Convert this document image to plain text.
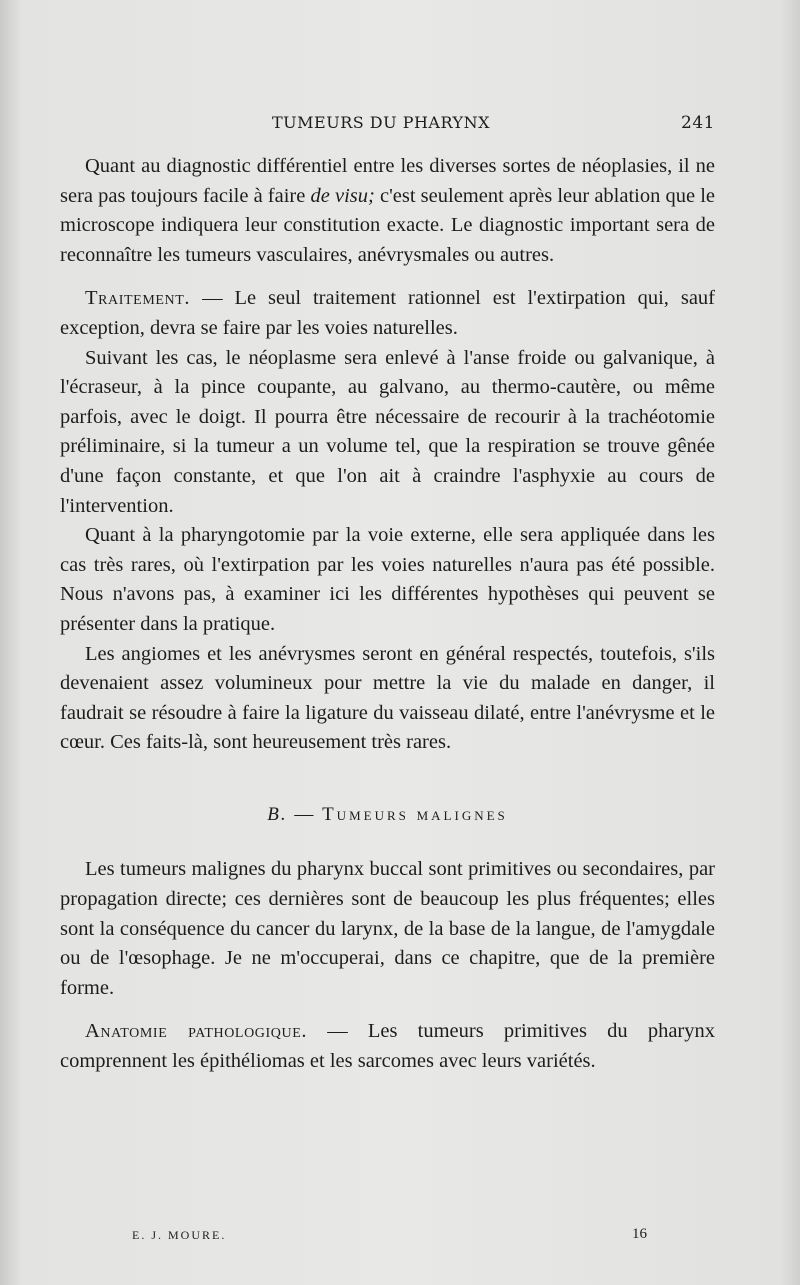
TUMEURS DU PHARYNX	241

Quant au diagnostic différentiel entre les diverses sortes de néoplasies, il ne sera pas toujours facile à faire de visu; c'est seulement après leur ablation que le microscope indiquera leur constitution exacte. Le diagnostic important sera de reconnaître les tumeurs vasculaires, anévrysmales ou autres.

Traitement. — Le seul traitement rationnel est l'extirpation qui, sauf exception, devra se faire par les voies naturelles.

Suivant les cas, le néoplasme sera enlevé à l'anse froide ou galvanique, à l'écraseur, à la pince coupante, au galvano, au thermo-cautère, ou même parfois, avec le doigt. Il pourra être nécessaire de recourir à la trachéotomie préliminaire, si la tumeur a un volume tel, que la respiration se trouve gênée d'une façon constante, et que l'on ait à craindre l'asphyxie au cours de l'intervention.

Quant à la pharyngotomie par la voie externe, elle sera appliquée dans les cas très rares, où l'extirpation par les voies naturelles n'aura pas été possible. Nous n'avons pas, à examiner ici les différentes hypothèses qui peuvent se présenter dans la pratique.

Les angiomes et les anévrysmes seront en général respectés, toutefois, s'ils devenaient assez volumineux pour mettre la vie du malade en danger, il faudrait se résoudre à faire la ligature du vaisseau dilaté, entre l'anévrysme et le cœur. Ces faits-là, sont heureusement très rares.

B. — Tumeurs malignes

Les tumeurs malignes du pharynx buccal sont primitives ou secondaires, par propagation directe; ces dernières sont de beaucoup les plus fréquentes; elles sont la conséquence du cancer du larynx, de la base de la langue, de l'amygdale ou de l'œsophage. Je ne m'occuperai, dans ce chapitre, que de la première forme.

Anatomie pathologique. — Les tumeurs primitives du pharynx comprennent les épithéliomas et les sarcomes avec leurs variétés.

E. J. MOURE.	16
